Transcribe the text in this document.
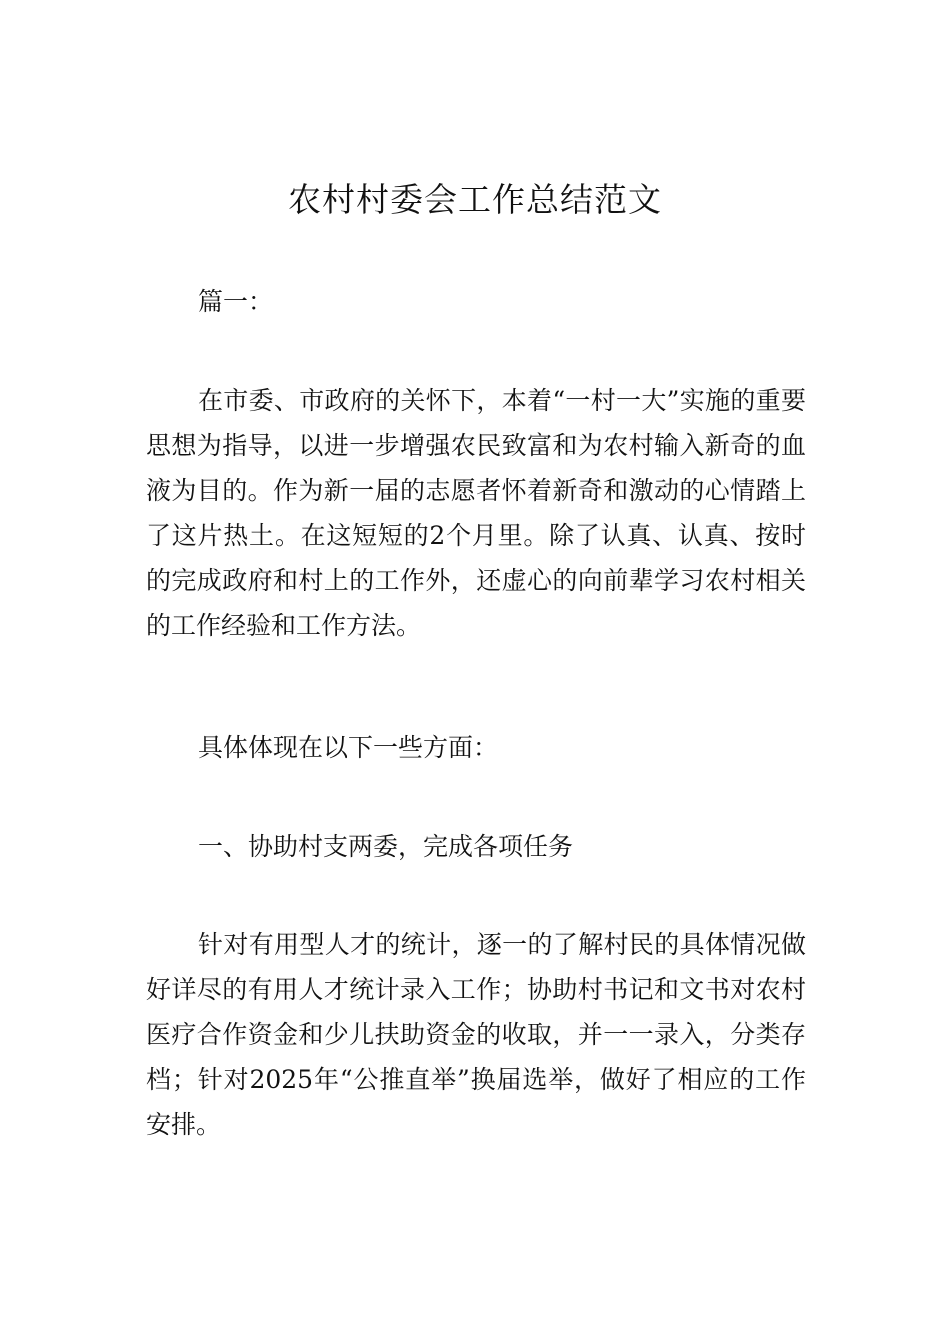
农村村委会工作总结范文

篇一：

在市委、市政府的关怀下，本着“一村一大”实施的重要思想为指导，以进一步增强农民致富和为农村输入新奇的血液为目的。作为新一届的志愿者怀着新奇和激动的心情踏上了这片热土。在这短短的2个月里。除了认真、认真、按时的完成政府和村上的工作外，还虚心的向前辈学习农村相关的工作经验和工作方法。

具体体现在以下一些方面：

一、协助村支两委，完成各项任务

针对有用型人才的统计，逐一的了解村民的具体情况做好详尽的有用人才统计录入工作；协助村书记和文书对农村医疗合作资金和少儿扶助资金的收取，并一一录入，分类存档；针对2025年“公推直举”换届选举，做好了相应的工作安排。
